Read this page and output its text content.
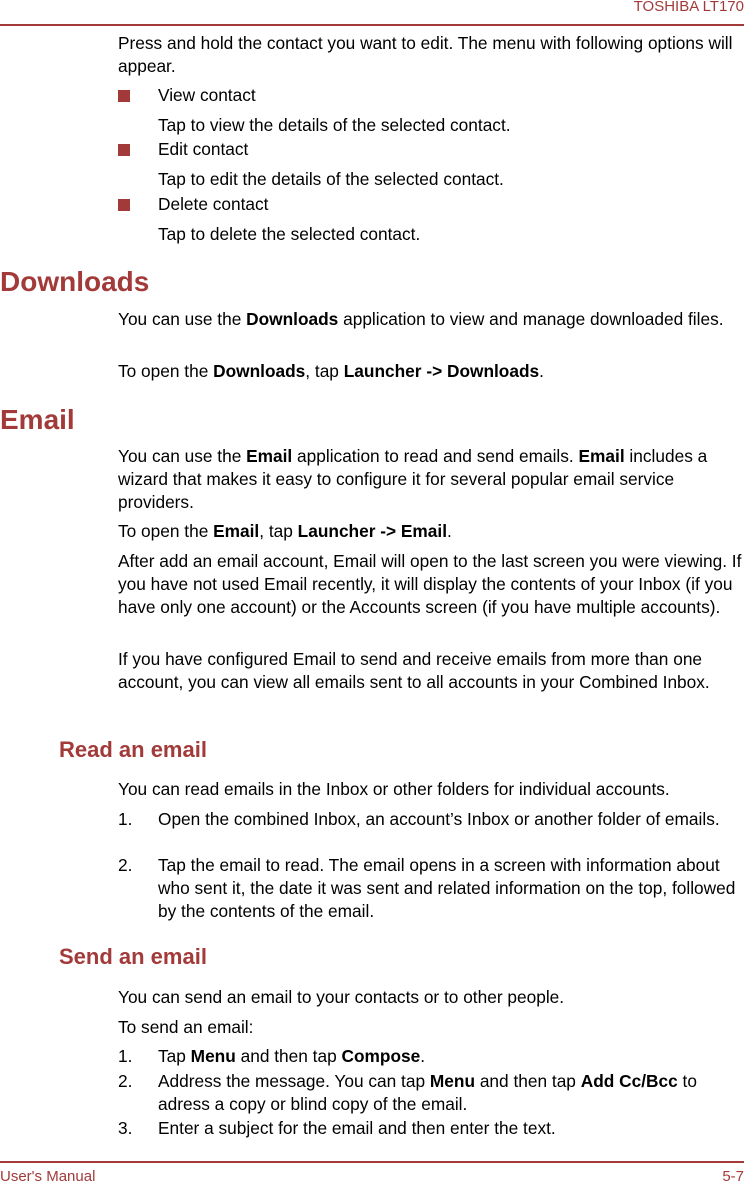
TOSHIBA LT170
Press and hold the contact you want to edit. The menu with following options will appear.
View contact
Tap to view the details of the selected contact.
Edit contact
Tap to edit the details of the selected contact.
Delete contact
Tap to delete the selected contact.
Downloads
You can use the Downloads application to view and manage downloaded files.
To open the Downloads, tap Launcher -> Downloads.
Email
You can use the Email application to read and send emails. Email includes a wizard that makes it easy to configure it for several popular email service providers.
To open the Email, tap Launcher -> Email.
After add an email account, Email will open to the last screen you were viewing. If you have not used Email recently, it will display the contents of your Inbox (if you have only one account) or the Accounts screen (if you have multiple accounts).
If you have configured Email to send and receive emails from more than one account, you can view all emails sent to all accounts in your Combined Inbox.
Read an email
You can read emails in the Inbox or other folders for individual accounts.
1. Open the combined Inbox, an account’s Inbox or another folder of emails.
2. Tap the email to read. The email opens in a screen with information about who sent it, the date it was sent and related information on the top, followed by the contents of the email.
Send an email
You can send an email to your contacts or to other people.
To send an email:
1. Tap Menu and then tap Compose.
2. Address the message. You can tap Menu and then tap Add Cc/Bcc to adress a copy or blind copy of the email.
3. Enter a subject for the email and then enter the text.
User's Manual	5-7
